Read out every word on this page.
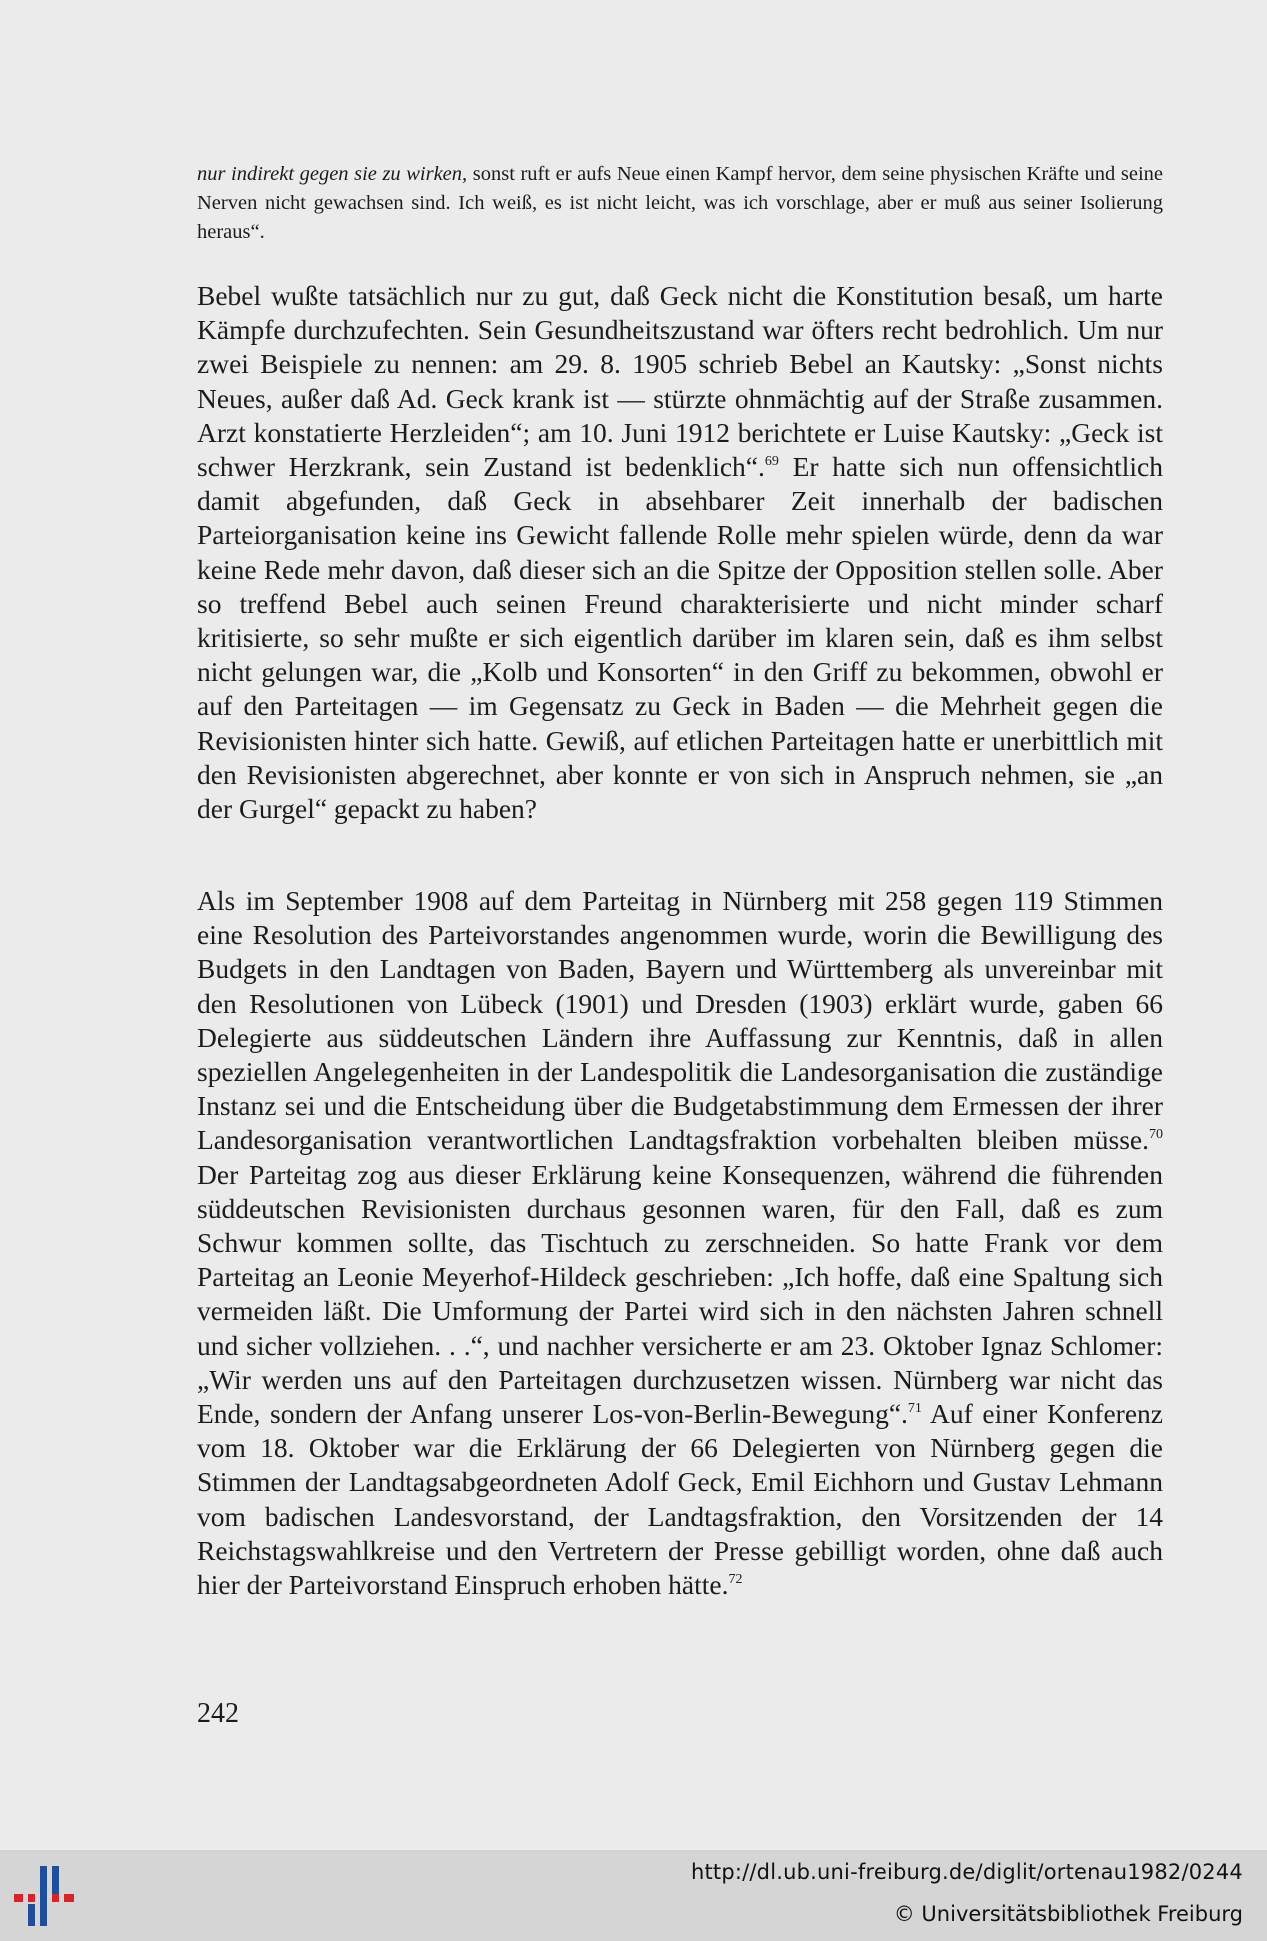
nur indirekt gegen sie zu wirken, sonst ruft er aufs Neue einen Kampf hervor, dem seine physischen Kräfte und seine Nerven nicht gewachsen sind. Ich weiß, es ist nicht leicht, was ich vorschlage, aber er muß aus seiner Isolierung heraus“.

Bebel wußte tatsächlich nur zu gut, daß Geck nicht die Konstitution besaß, um harte Kämpfe durchzufechten. Sein Gesundheitszustand war öfters recht bedrohlich. Um nur zwei Beispiele zu nennen: am 29. 8. 1905 schrieb Bebel an Kautsky: „Sonst nichts Neues, außer daß Ad. Geck krank ist — stürzte ohnmächtig auf der Straße zusammen. Arzt konstatierte Herzleiden“; am 10. Juni 1912 berichtete er Luise Kautsky: „Geck ist schwer Herzkrank, sein Zustand ist bedenklich“.$^{69}$ Er hatte sich nun offensichtlich damit abgefunden, daß Geck in absehbarer Zeit innerhalb der badischen Parteiorganisation keine ins Gewicht fallende Rolle mehr spielen würde, denn da war keine Rede mehr davon, daß dieser sich an die Spitze der Opposition stellen solle. Aber so treffend Bebel auch seinen Freund charakterisierte und nicht minder scharf kritisierte, so sehr mußte er sich eigentlich darüber im klaren sein, daß es ihm selbst nicht gelungen war, die „Kolb und Konsorten“ in den Griff zu bekommen, obwohl er auf den Parteitagen — im Gegensatz zu Geck in Baden — die Mehrheit gegen die Revisionisten hinter sich hatte. Gewiß, auf etlichen Parteitagen hatte er unerbittlich mit den Revisionisten abgerechnet, aber konnte er von sich in Anspruch nehmen, sie „an der Gurgel“ gepackt zu haben?

Als im September 1908 auf dem Parteitag in Nürnberg mit 258 gegen 119 Stimmen eine Resolution des Parteivorstandes angenommen wurde, worin die Bewilligung des Budgets in den Landtagen von Baden, Bayern und Württemberg als unvereinbar mit den Resolutionen von Lübeck (1901) und Dresden (1903) erklärt wurde, gaben 66 Delegierte aus süddeutschen Ländern ihre Auffassung zur Kenntnis, daß in allen speziellen Angelegenheiten in der Landespolitik die Landesorganisation die zuständige Instanz sei und die Entscheidung über die Budgetabstimmung dem Ermessen der ihrer Landesorganisation verantwortlichen Landtagsfraktion vorbehalten bleiben müsse.$^{70}$ Der Parteitag zog aus dieser Erklärung keine Konsequenzen, während die führenden süddeutschen Revisionisten durchaus gesonnen waren, für den Fall, daß es zum Schwur kommen sollte, das Tischtuch zu zerschneiden. So hatte Frank vor dem Parteitag an Leonie Meyerhof-Hildeck geschrieben: „Ich hoffe, daß eine Spaltung sich vermeiden läßt. Die Umformung der Partei wird sich in den nächsten Jahren schnell und sicher vollziehen. . .“, und nachher versicherte er am 23. Oktober Ignaz Schlomer: „Wir werden uns auf den Parteitagen durchzusetzen wissen. Nürnberg war nicht das Ende, sondern der Anfang unserer Los-von-Berlin-Bewegung“.$^{71}$ Auf einer Konferenz vom 18. Oktober war die Erklärung der 66 Delegierten von Nürnberg gegen die Stimmen der Landtagsabgeordneten Adolf Geck, Emil Eichhorn und Gustav Lehmann vom badischen Landesvorstand, der Landtagsfraktion, den Vorsitzenden der 14 Reichstagswahlkreise und den Vertretern der Presse gebilligt worden, ohne daß auch hier der Parteivorstand Einspruch erhoben hätte.$^{72}$

242
http://dl.ub.uni-freiburg.de/diglit/ortenau1982/0244
© Universitätsbibliothek Freiburg
